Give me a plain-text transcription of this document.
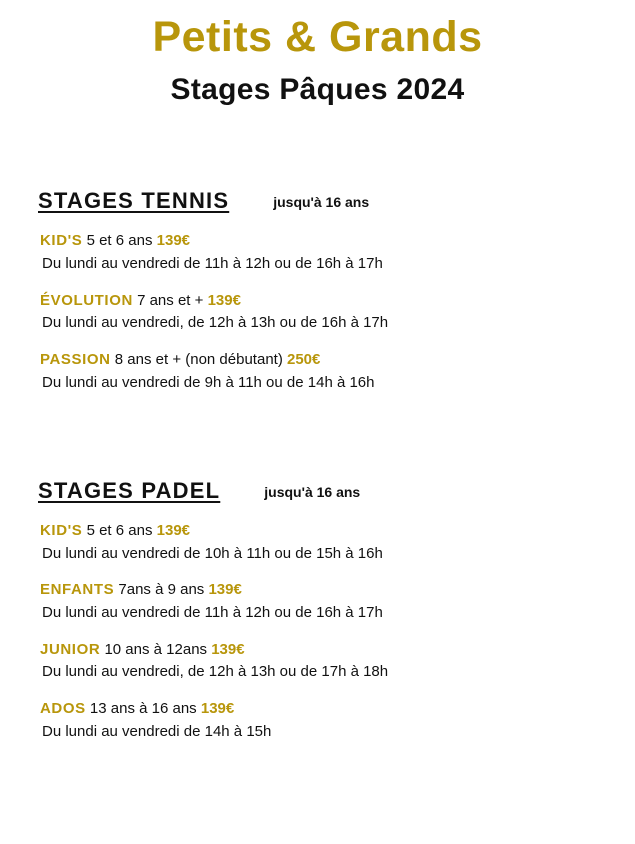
Petits & Grands
Stages Pâques 2024
STAGES TENNIS	jusqu'à 16 ans
KID'S 5 et 6 ans 139€
Du lundi au vendredi de 11h à 12h ou de 16h à 17h
ÉVOLUTION 7 ans et + 139€
Du lundi au vendredi, de 12h à 13h ou de 16h à 17h
PASSION 8 ans et + (non débutant) 250€
Du lundi au vendredi de 9h à 11h ou de 14h à 16h
STAGES PADEL	jusqu'à 16 ans
KID'S 5 et 6 ans 139€
Du lundi au vendredi de 10h à 11h ou de 15h à 16h
ENFANTS 7ans à 9 ans 139€
Du lundi au vendredi de 11h à 12h ou de 16h à 17h
JUNIOR 10 ans à 12ans 139€
Du lundi au vendredi, de 12h à 13h ou de 17h à 18h
ADOS 13 ans à 16 ans 139€
Du lundi au vendredi de 14h à 15h
